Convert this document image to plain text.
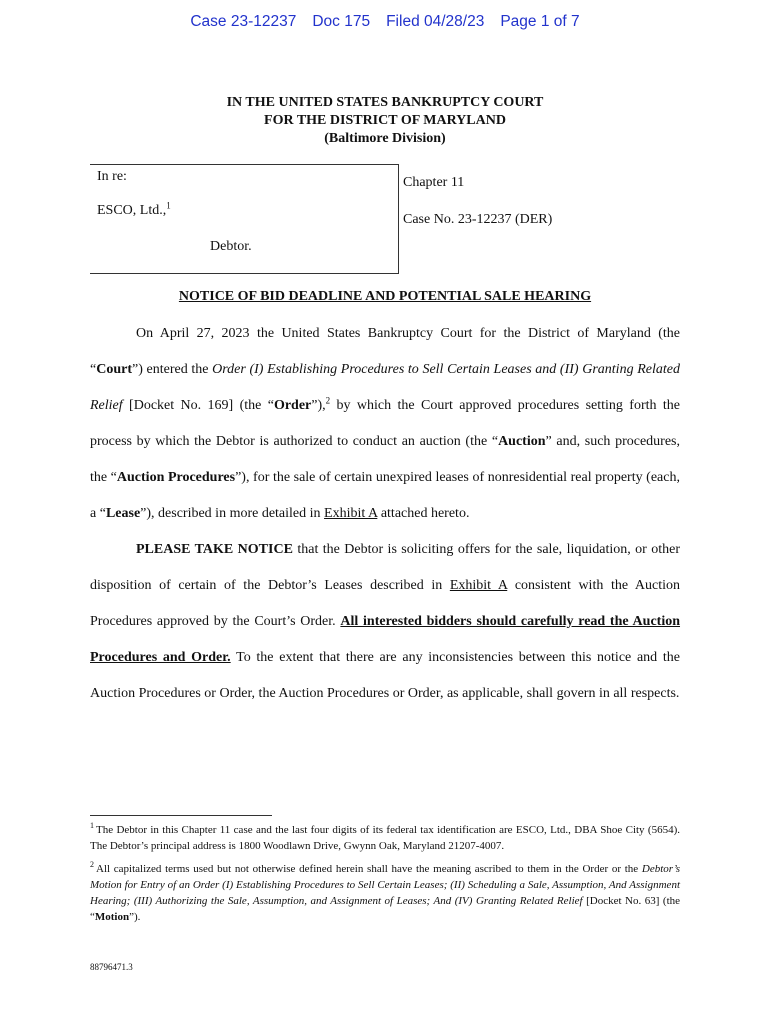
Case 23-12237 Doc 175 Filed 04/28/23 Page 1 of 7
IN THE UNITED STATES BANKRUPTCY COURT
FOR THE DISTRICT OF MARYLAND
(Baltimore Division)
In re:
ESCO, Ltd.,$^1$
Debtor.
Chapter 11
Case No. 23-12237 (DER)
NOTICE OF BID DEADLINE AND POTENTIAL SALE HEARING
On April 27, 2023 the United States Bankruptcy Court for the District of Maryland (the “Court”) entered the Order (I) Establishing Procedures to Sell Certain Leases and (II) Granting Related Relief [Docket No. 169] (the “Order”),$^2$ by which the Court approved procedures setting forth the process by which the Debtor is authorized to conduct an auction (the “Auction” and, such procedures, the “Auction Procedures”), for the sale of certain unexpired leases of nonresidential real property (each, a “Lease”), described in more detailed in Exhibit A attached hereto.
PLEASE TAKE NOTICE that the Debtor is soliciting offers for the sale, liquidation, or other disposition of certain of the Debtor’s Leases described in Exhibit A consistent with the Auction Procedures approved by the Court’s Order. All interested bidders should carefully read the Auction Procedures and Order. To the extent that there are any inconsistencies between this notice and the Auction Procedures or Order, the Auction Procedures or Order, as applicable, shall govern in all respects.
$^1$ The Debtor in this Chapter 11 case and the last four digits of its federal tax identification are ESCO, Ltd., DBA Shoe City (5654). The Debtor’s principal address is 1800 Woodlawn Drive, Gwynn Oak, Maryland 21207-4007.
$^2$ All capitalized terms used but not otherwise defined herein shall have the meaning ascribed to them in the Order or the Debtor’s Motion for Entry of an Order (I) Establishing Procedures to Sell Certain Leases; (II) Scheduling a Sale, Assumption, And Assignment Hearing; (III) Authorizing the Sale, Assumption, and Assignment of Leases; And (IV) Granting Related Relief [Docket No. 63] (the “Motion”).
88796471.3
